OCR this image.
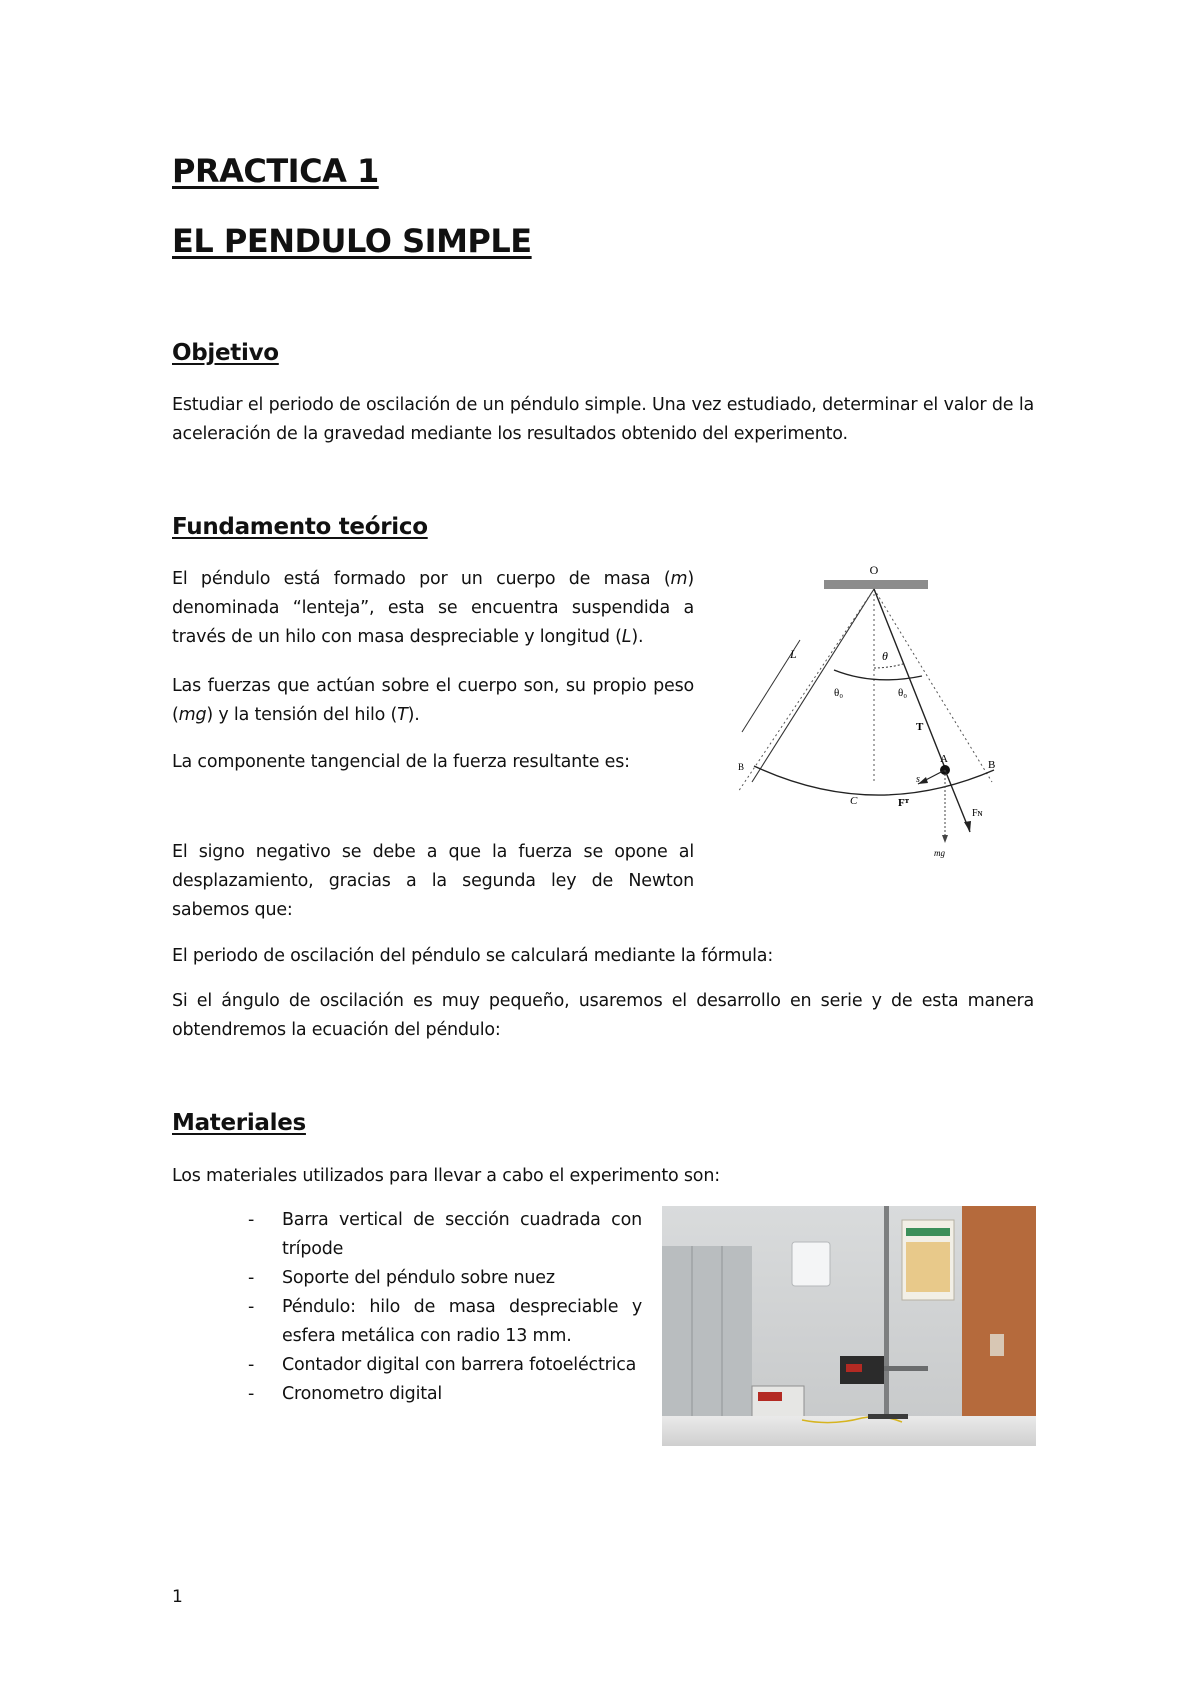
PRACTICA 1
EL PENDULO SIMPLE
Objetivo

Estudiar el periodo de oscilación de un péndulo simple. Una vez estudiado, determinar el valor de la aceleración de la gravedad mediante los resultados obtenido del experimento.

Fundamento teórico

El péndulo está formado por un cuerpo de masa (m) denominada “lenteja”, esta se encuentra suspendida a través de un hilo con masa despreciable y longitud (L).

Las fuerzas que actúan sobre el cuerpo son, su propio peso (mg) y la tensión del hilo (T).

La componente tangencial de la fuerza resultante es:

El signo negativo se debe a que la fuerza se opone al desplazamiento, gracias a la segunda ley de Newton sabemos que:

El periodo de oscilación del péndulo se calculará mediante la fórmula:

Si el ángulo de oscilación es muy pequeño, usaremos el desarrollo en serie y de esta manera obtendremos la ecuación del péndulo:

O
L	θ
θ₀	θ₀
T
B	B
A
C
s
Fᵀ
Fɴ
mg
Materiales

Los materiales utilizados para llevar a cabo el experimento son:

- Barra vertical de sección cuadrada con trípode
- Soporte del péndulo sobre nuez
- Péndulo: hilo de masa despreciable y esfera metálica con radio 13 mm.
- Contador digital con barrera fotoeléctrica
- Cronometro digital

1
